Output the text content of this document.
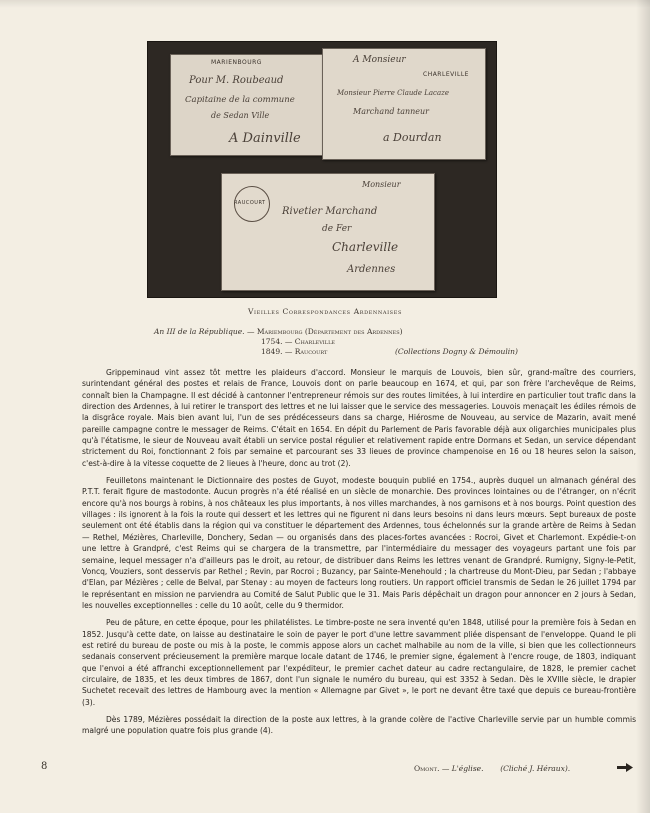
MARIENBOURG
Pour M. Roubeaud
Capitaine de la commune
de Sedan Ville
A Dainville
A Monsieur
CHARLEVILLE
Monsieur Pierre Claude Lacaze
Marchand tanneur
a Dourdan
RAUCOURT
Monsieur
Rivetier Marchand
de Fer
Charleville
Ardennes
Vieilles Correspondances Ardennaises
An III de la République. — Mariembourg (Département des Ardennes)
1754. — Charleville
1849. — Raucourt	(Collections Dogny & Démoulin)

Grippeminaud vint assez tôt mettre les plaideurs d'accord. Monsieur le marquis de Louvois, bien sûr, grand-maître des courriers, surintendant général des postes et relais de France, Louvois dont on parle beaucoup en 1674, et qui, par son frère l'archevêque de Reims, connaît bien la Champagne. Il est décidé à cantonner l'entrepreneur rémois sur des routes limitées, à lui interdire en particulier tout trafic dans la direction des Ardennes, à lui retirer le transport des lettres et ne lui laisser que le service des messageries. Louvois menaçait les édiles rémois de la disgrâce royale. Mais bien avant lui, l'un de ses prédécesseurs dans sa charge, Hiérosme de Nouveau, au service de Mazarin, avait mené pareille campagne contre le messager de Reims. C'était en 1654. En dépit du Parlement de Paris favorable déjà aux oligarchies municipales plus qu'à l'étatisme, le sieur de Nouveau avait établi un service postal régulier et relativement rapide entre Dormans et Sedan, un service dépendant strictement du Roi, fonctionnant 2 fois par semaine et parcourant ses 33 lieues de province champenoise en 16 ou 18 heures selon la saison, c'est-à-dire à la vitesse coquette de 2 lieues à l'heure, donc au trot (2).

Feuilletons maintenant le Dictionnaire des postes de Guyot, modeste bouquin publié en 1754., auprès duquel un almanach général des P.T.T. ferait figure de mastodonte. Aucun progrès n'a été réalisé en un siècle de monarchie. Des provinces lointaines ou de l'étranger, on n'écrit encore qu'à nos bourgs à robins, à nos châteaux les plus importants, à nos villes marchandes, à nos garnisons et à nos bourgs. Point question des villages : ils ignorent à la fois la route qui dessert et les lettres qui ne figurent ni dans leurs besoins ni dans leurs mœurs. Sept bureaux de poste seulement ont été établis dans la région qui va constituer le département des Ardennes, tous échelonnés sur la grande artère de Reims à Sedan — Rethel, Mézières, Charleville, Donchery, Sedan — ou organisés dans des places-fortes avancées : Rocroi, Givet et Charlemont. Expédie-t-on une lettre à Grandpré, c'est Reims qui se chargera de la transmettre, par l'intermédiaire du messager des voyageurs partant une fois par semaine, lequel messager n'a d'ailleurs pas le droit, au retour, de distribuer dans Reims les lettres venant de Grandpré. Rumigny, Signy-le-Petit, Voncq, Vouziers, sont desservis par Rethel ; Revin, par Rocroi ; Buzancy, par Sainte-Menehould ; la chartreuse du Mont-Dieu, par Sedan ; l'abbaye d'Elan, par Mézières ; celle de Belval, par Stenay : au moyen de facteurs long routiers. Un rapport officiel transmis de Sedan le 26 juillet 1794 par le représentant en mission ne parviendra au Comité de Salut Public que le 31. Mais Paris dépêchait un dragon pour annoncer en 2 jours à Sedan, les nouvelles exceptionnelles : celle du 10 août, celle du 9 thermidor.

Peu de pâture, en cette époque, pour les philatélistes. Le timbre-poste ne sera inventé qu'en 1848, utilisé pour la première fois à Sedan en 1852. Jusqu'à cette date, on laisse au destinataire le soin de payer le port d'une lettre savamment pliée dispensant de l'enveloppe. Quand le pli est retiré du bureau de poste ou mis à la poste, le commis appose alors un cachet malhabile au nom de la ville, si bien que les collectionneurs sedanais conservent précieusement la première marque locale datant de 1746, le premier signe, également à l'encre rouge, de 1803, indiquant que l'envoi a été affranchi exceptionnellement par l'expéditeur, le premier cachet dateur au cadre rectangulaire, de 1828, le premier cachet circulaire, de 1835, et les deux timbres de 1867, dont l'un signale le numéro du bureau, qui est 3352 à Sedan. Dès le XVIIIe siècle, le drapier Suchetet recevait des lettres de Hambourg avec la mention « Allemagne par Givet », le port ne devant être taxé que depuis ce bureau-frontière (3).

Dès 1789, Mézières possédait la direction de la poste aux lettres, à la grande colère de l'active Charleville servie par un humble commis malgré une population quatre fois plus grande (4).

8	Omont. — L'église. (Cliché J. Héraux).
